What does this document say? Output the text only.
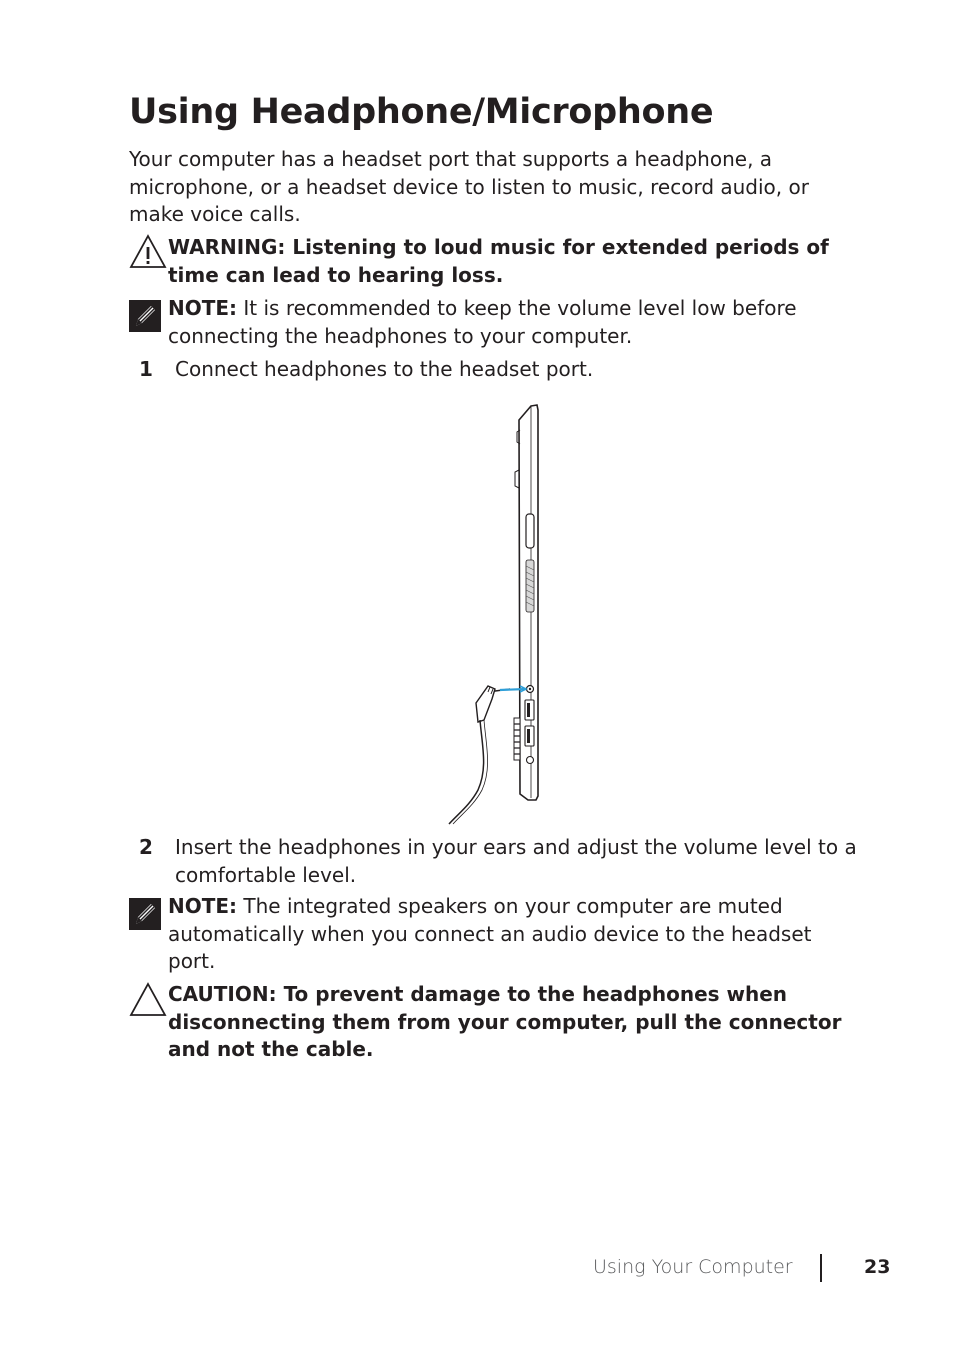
Using Headphone/Microphone

Your computer has a headset port that supports a headphone, a microphone, or a headset device to listen to music, record audio, or make voice calls.

WARNING: Listening to loud music for extended periods of time can lead to hearing loss.
NOTE: It is recommended to keep the volume level low before connecting the headphones to your computer.
1 Connect headphones to the headset port.
2 Insert the headphones in your ears and adjust the volume level to a comfortable level.
NOTE: The integrated speakers on your computer are muted automatically when you connect an audio device to the headset port.
CAUTION: To prevent damage to the headphones when disconnecting them from your computer, pull the connector and not the cable.
Using Your Computer	23
